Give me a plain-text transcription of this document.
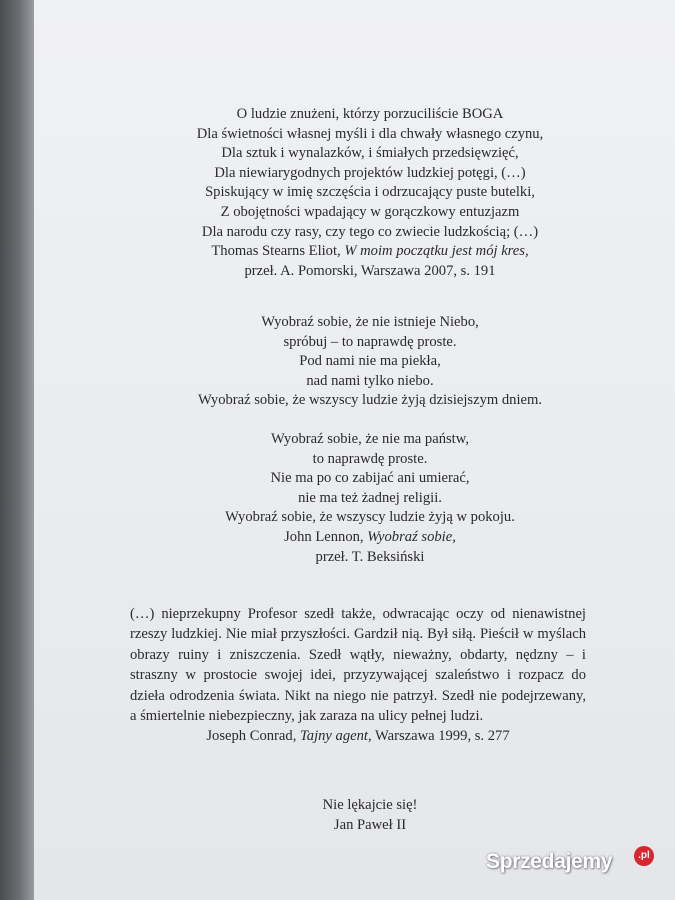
O ludzie znużeni, którzy porzuciliście BOGA
Dla świetności własnej myśli i dla chwały własnego czynu,
Dla sztuk i wynalazków, i śmiałych przedsięwzięć,
Dla niewiarygodnych projektów ludzkiej potęgi, (…)
Spiskujący w imię szczęścia i odrzucający puste butelki,
Z obojętności wpadający w gorączkowy entuzjazm
Dla narodu czy rasy, czy tego co zwiecie ludzkością; (…)
Thomas Stearns Eliot, W moim początku jest mój kres,
przeł. A. Pomorski, Warszawa 2007, s. 191
Wyobraź sobie, że nie istnieje Niebo,
spróbuj – to naprawdę proste.
Pod nami nie ma piekła,
nad nami tylko niebo.
Wyobraź sobie, że wszyscy ludzie żyją dzisiejszym dniem.
Wyobraź sobie, że nie ma państw,
to naprawdę proste.
Nie ma po co zabijać ani umierać,
nie ma też żadnej religii.
Wyobraź sobie, że wszyscy ludzie żyją w pokoju.
John Lennon, Wyobraź sobie,
przeł. T. Beksiński
(…) nieprzekupny Profesor szedł także, odwracając oczy od nienawistnej rzeszy ludzkiej. Nie miał przyszłości. Gardził nią. Był siłą. Pieścił w myślach obrazy ruiny i zniszczenia. Szedł wątły, nieważny, obdarty, nędzny – i straszny w prostocie swojej idei, przyzywającej szaleństwo i rozpacz do dzieła odrodzenia świata. Nikt na niego nie patrzył. Szedł nie podejrzewany, a śmiertelnie niebezpieczny, jak zaraza na ulicy pełnej ludzi.
Joseph Conrad, Tajny agent, Warszawa 1999, s. 277
Nie lękajcie się!
Jan Paweł II
Sprzedajemy	.pl
